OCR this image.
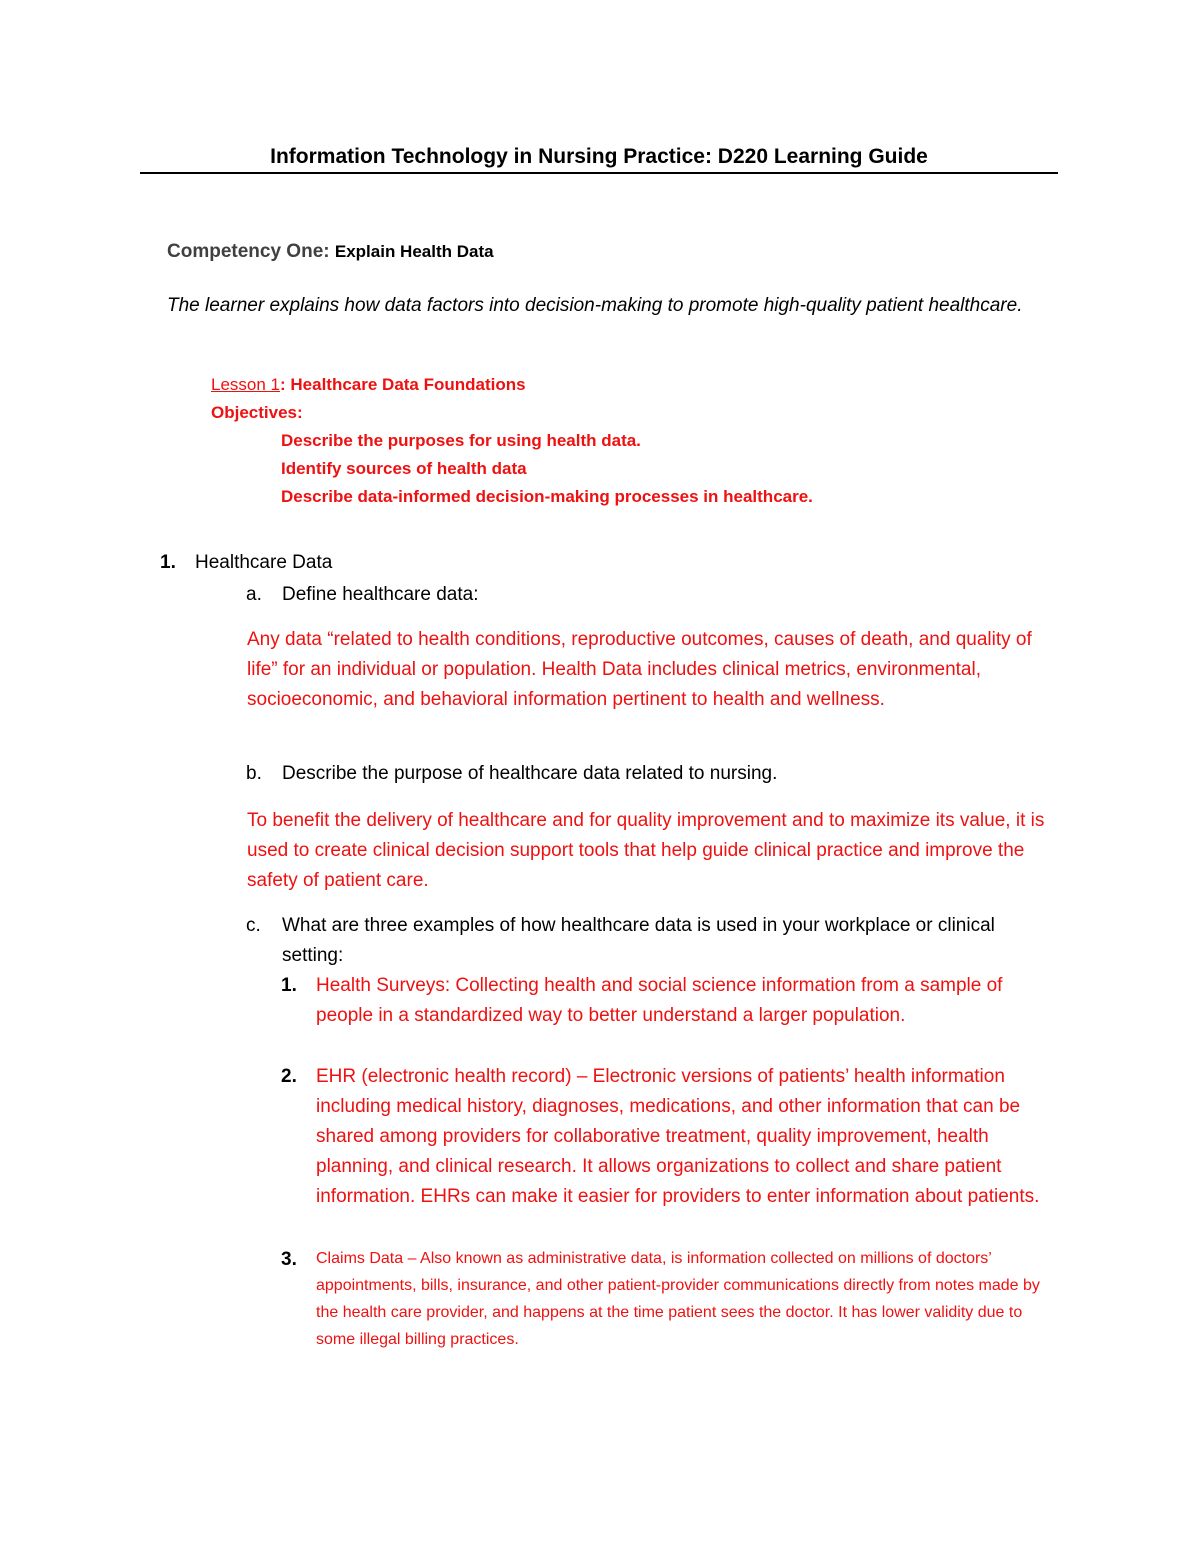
Information Technology in Nursing Practice: D220 Learning Guide
Competency One: Explain Health Data
The learner explains how data factors into decision-making to promote high-quality patient healthcare.
Lesson 1: Healthcare Data Foundations
Objectives:
Describe the purposes for using health data.
Identify sources of health data
Describe data-informed decision-making processes in healthcare.
1. Healthcare Data
a. Define healthcare data:
Any data “related to health conditions, reproductive outcomes, causes of death, and quality of life” for an individual or population. Health Data includes clinical metrics, environmental, socioeconomic, and behavioral information pertinent to health and wellness.
b. Describe the purpose of healthcare data related to nursing.
To benefit the delivery of healthcare and for quality improvement and to maximize its value, it is used to create clinical decision support tools that help guide clinical practice and improve the safety of patient care.
c. What are three examples of how healthcare data is used in your workplace or clinical setting:
1. Health Surveys: Collecting health and social science information from a sample of people in a standardized way to better understand a larger population.
2. EHR (electronic health record) – Electronic versions of patients’ health information including medical history, diagnoses, medications, and other information that can be shared among providers for collaborative treatment, quality improvement, health planning, and clinical research. It allows organizations to collect and share patient information. EHRs can make it easier for providers to enter information about patients.
3. Claims Data – Also known as administrative data, is information collected on millions of doctors’ appointments, bills, insurance, and other patient-provider communications directly from notes made by the health care provider, and happens at the time patient sees the doctor. It has lower validity due to some illegal billing practices.
